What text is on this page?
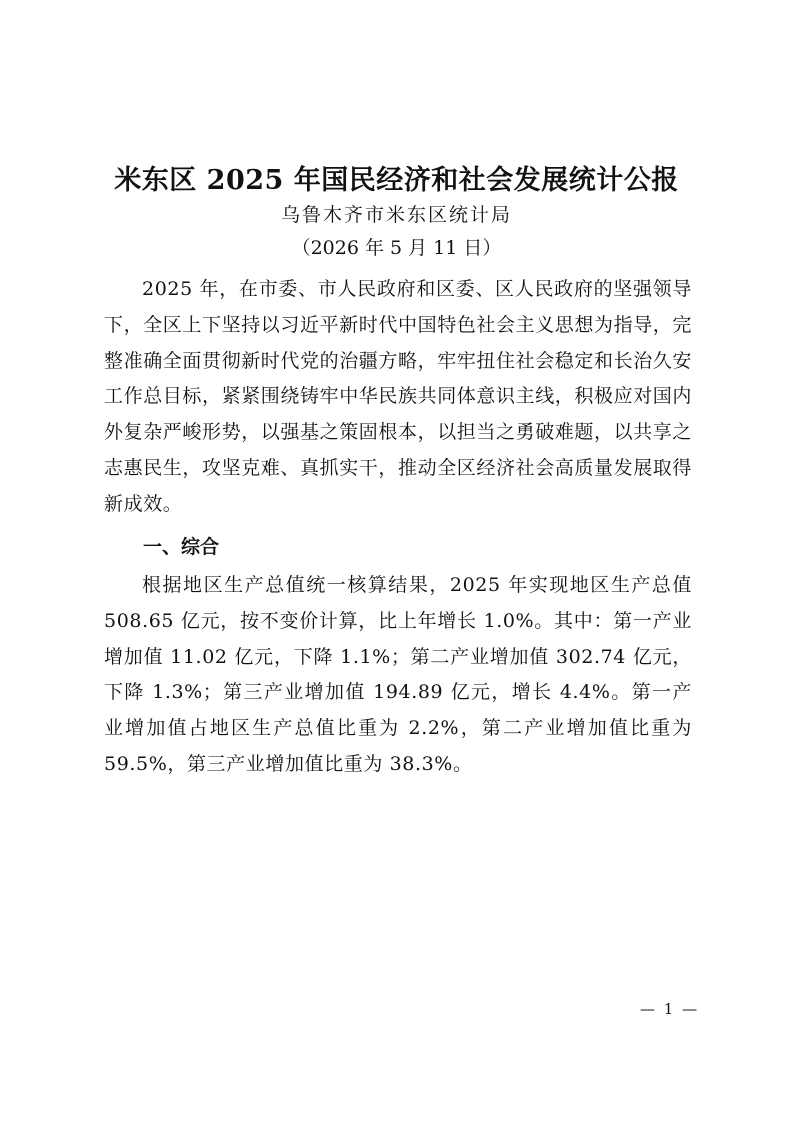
米东区 2025 年国民经济和社会发展统计公报
乌鲁木齐市米东区统计局
（2026 年 5 月 11 日）
2025 年，在市委、市人民政府和区委、区人民政府的坚强领导下，全区上下坚持以习近平新时代中国特色社会主义思想为指导，完整准确全面贯彻新时代党的治疆方略，牢牢扭住社会稳定和长治久安工作总目标，紧紧围绕铸牢中华民族共同体意识主线，积极应对国内外复杂严峻形势，以强基之策固根本，以担当之勇破难题，以共享之志惠民生，攻坚克难、真抓实干，推动全区经济社会高质量发展取得新成效。
一、综合
根据地区生产总值统一核算结果，2025 年实现地区生产总值 508.65 亿元，按不变价计算，比上年增长 1.0%。其中：第一产业增加值 11.02 亿元，下降 1.1%；第二产业增加值 302.74 亿元，下降 1.3%；第三产业增加值 194.89 亿元，增长 4.4%。第一产业增加值占地区生产总值比重为 2.2%，第二产业增加值比重为 59.5%，第三产业增加值比重为 38.3%。
— 1 —
